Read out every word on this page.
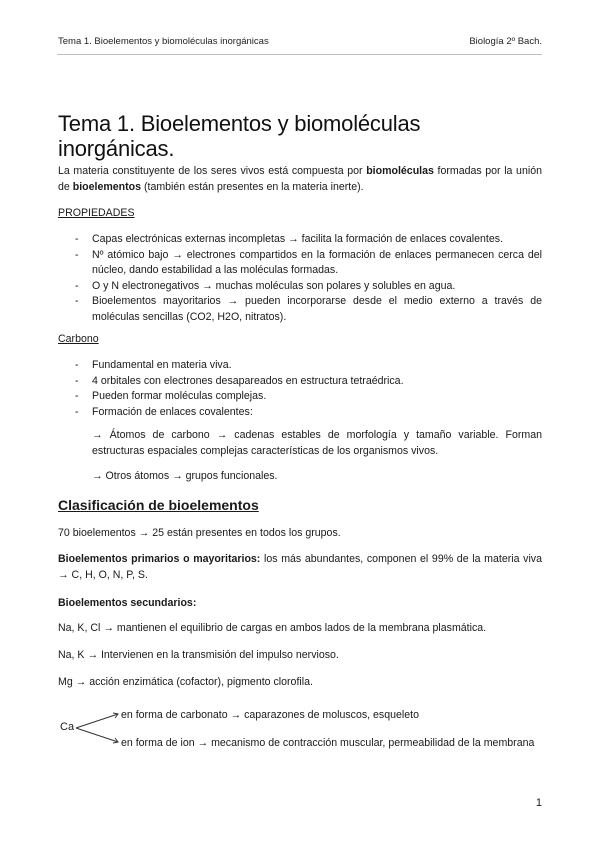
Tema 1. Bioelementos y biomoléculas inorgánicas	Biología 2º Bach.
Tema 1. Bioelementos y biomoléculas inorgánicas.
La materia constituyente de los seres vivos está compuesta por biomoléculas formadas por la unión de bioelementos (también están presentes en la materia inerte).
PROPIEDADES
- Capas electrónicas externas incompletas → facilita la formación de enlaces covalentes.
- Nº atómico bajo → electrones compartidos en la formación de enlaces permanecen cerca del núcleo, dando estabilidad a las moléculas formadas.
- O y N electronegativos → muchas moléculas son polares y solubles en agua.
- Bioelementos mayoritarios → pueden incorporarse desde el medio externo a través de moléculas sencillas (CO2, H2O, nitratos).
Carbono
- Fundamental en materia viva.
- 4 orbitales con electrones desapareados en estructura tetraédrica.
- Pueden formar moléculas complejas.
- Formación de enlaces covalentes:
→ Átomos de carbono → cadenas estables de morfología y tamaño variable. Forman estructuras espaciales complejas características de los organismos vivos.
→ Otros átomos → grupos funcionales.
Clasificación de bioelementos
70 bioelementos → 25 están presentes en todos los grupos.
Bioelementos primarios o mayoritarios: los más abundantes, componen el 99% de la materia viva → C, H, O, N, P, S.
Bioelementos secundarios:
Na, K, Cl → mantienen el equilibrio de cargas en ambos lados de la membrana plasmática.
Na, K → Intervienen en la transmisión del impulso nervioso.
Mg → acción enzimática (cofactor), pigmento clorofila.
Ca
en forma de carbonato → caparazones de moluscos, esqueleto
en forma de ion → mecanismo de contracción muscular, permeabilidad de la membrana
1
